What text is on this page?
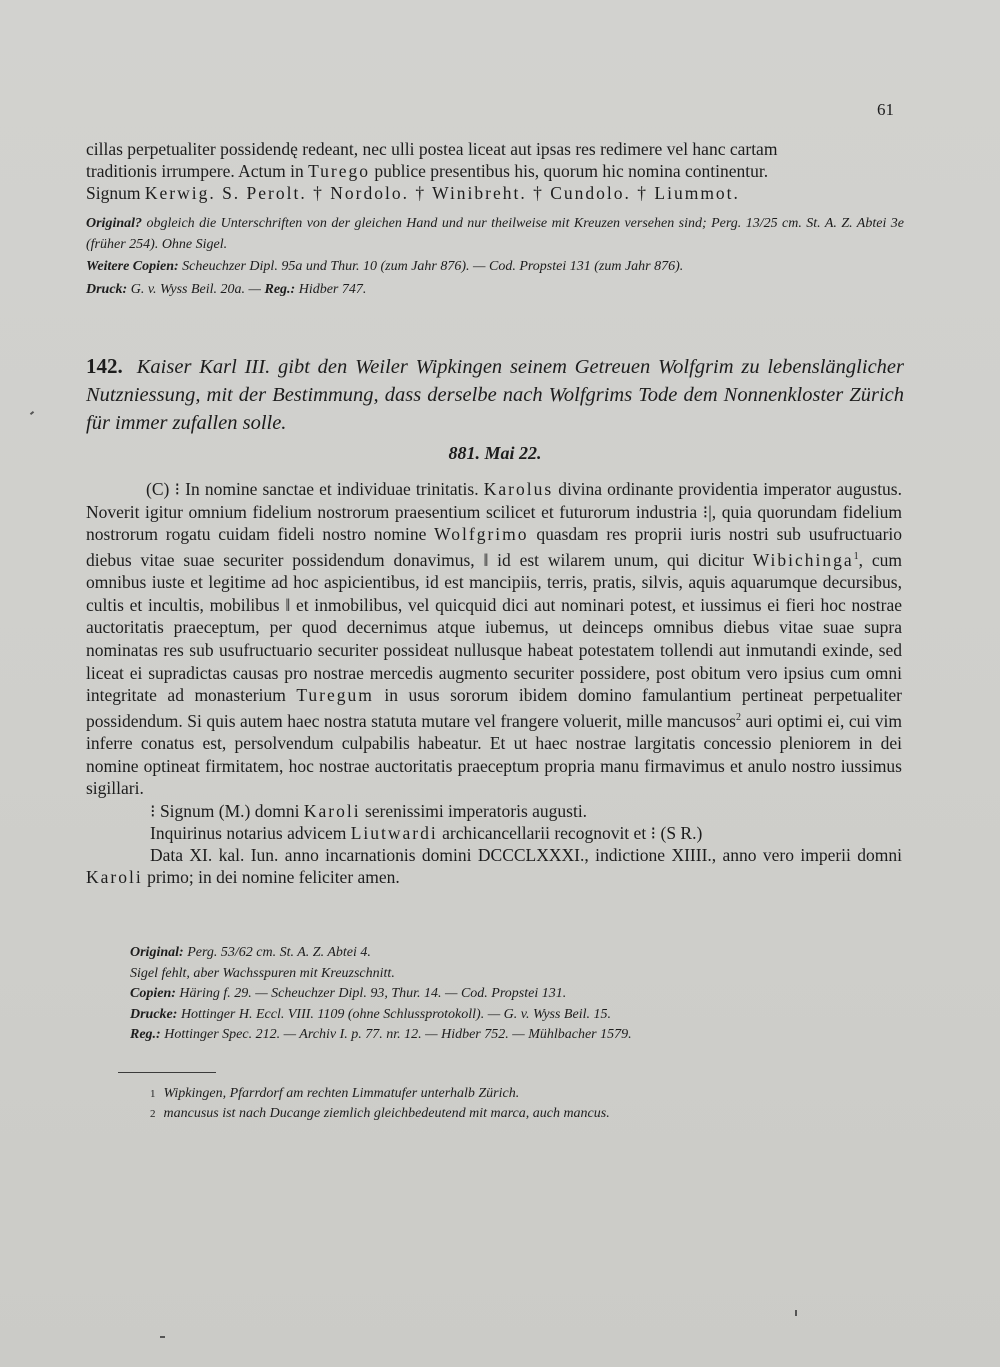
61

cillas perpetualiter possidendę redeant, nec ulli postea liceat aut ipsas res redimere vel hanc cartam

traditionis irrumpere. Actum in Turego publice presentibus his, quorum hic nomina continentur.

Signum Kerwig. S. Perolt. † Nordolo. † Winibreht. † Cundolo. † Liummot.

Original? obgleich die Unterschriften von der gleichen Hand und nur theilweise mit Kreuzen versehen sind; Perg. 13/25 cm. St. A. Z. Abtei 3e (früher 254). Ohne Sigel.

Weitere Copien: Scheuchzer Dipl. 95a und Thur. 10 (zum Jahr 876). — Cod. Propstei 131 (zum Jahr 876).

Druck: G. v. Wyss Beil. 20a. — Reg.: Hidber 747.

142. Kaiser Karl III. gibt den Weiler Wipkingen seinem Getreuen Wolfgrim zu lebenslänglicher Nutzniessung, mit der Bestimmung, dass derselbe nach Wolfgrims Tode dem Nonnenkloster Zürich für immer zufallen solle.

881. Mai 22.

(C) ⁝ In nomine sanctae et individuae trinitatis. Karolus divina ordinante providentia imperator augustus. Noverit igitur omnium fidelium nostrorum praesentium scilicet et futurorum industria ⁝|, quia quorundam fidelium nostrorum rogatu cuidam fideli nostro nomine Wolfgrimo quasdam res proprii iuris nostri sub usufructuario diebus vitae suae securiter possidendum donavimus, ‖ id est wilarem unum, qui dicitur Wibichinga$^1$, cum omnibus iuste et legitime ad hoc aspicientibus, id est mancipiis, terris, pratis, silvis, aquis aquarumque decursibus, cultis et incultis, mobilibus ‖ et inmobilibus, vel quicquid dici aut nominari potest, et iussimus ei fieri hoc nostrae auctoritatis praeceptum, per quod decernimus atque iubemus, ut deinceps omnibus diebus vitae suae supra nominatas res sub usufructuario securiter possideat nullusque habeat potestatem tollendi aut inmutandi exinde, sed liceat ei supradictas causas pro nostrae mercedis augmento securiter possidere, post obitum vero ipsius cum omni integritate ad monasterium Turegum in usus sororum ibidem domino famulantium pertineat perpetualiter possidendum. Si quis autem haec nostra statuta mutare vel frangere voluerit, mille mancusos$^2$ auri optimi ei, cui vim inferre conatus est, persolvendum culpabilis habeatur. Et ut haec nostrae largitatis concessio pleniorem in dei nomine optineat firmitatem, hoc nostrae auctoritatis praeceptum propria manu firmavimus et anulo nostro iussimus sigillari.

⁝ Signum (M.) domni Karoli serenissimi imperatoris augusti.

Inquirinus notarius advicem Liutwardi archicancellarii recognovit et ⁝ (S R.)

Data XI. kal. Iun. anno incarnationis domini DCCCLXXXI., indictione XIIII., anno vero imperii domni Karoli primo; in dei nomine feliciter amen.

Original: Perg. 53/62 cm. St. A. Z. Abtei 4.

Sigel fehlt, aber Wachsspuren mit Kreuzschnitt.

Copien: Häring f. 29. — Scheuchzer Dipl. 93, Thur. 14. — Cod. Propstei 131.

Drucke: Hottinger H. Eccl. VIII. 1109 (ohne Schlussprotokoll). — G. v. Wyss Beil. 15.

Reg.: Hottinger Spec. 212. — Archiv I. p. 77. nr. 12. — Hidber 752. — Mühlbacher 1579.

1 Wipkingen, Pfarrdorf am rechten Limmatufer unterhalb Zürich.
2 mancusus ist nach Ducange ziemlich gleichbedeutend mit marca, auch mancus.
